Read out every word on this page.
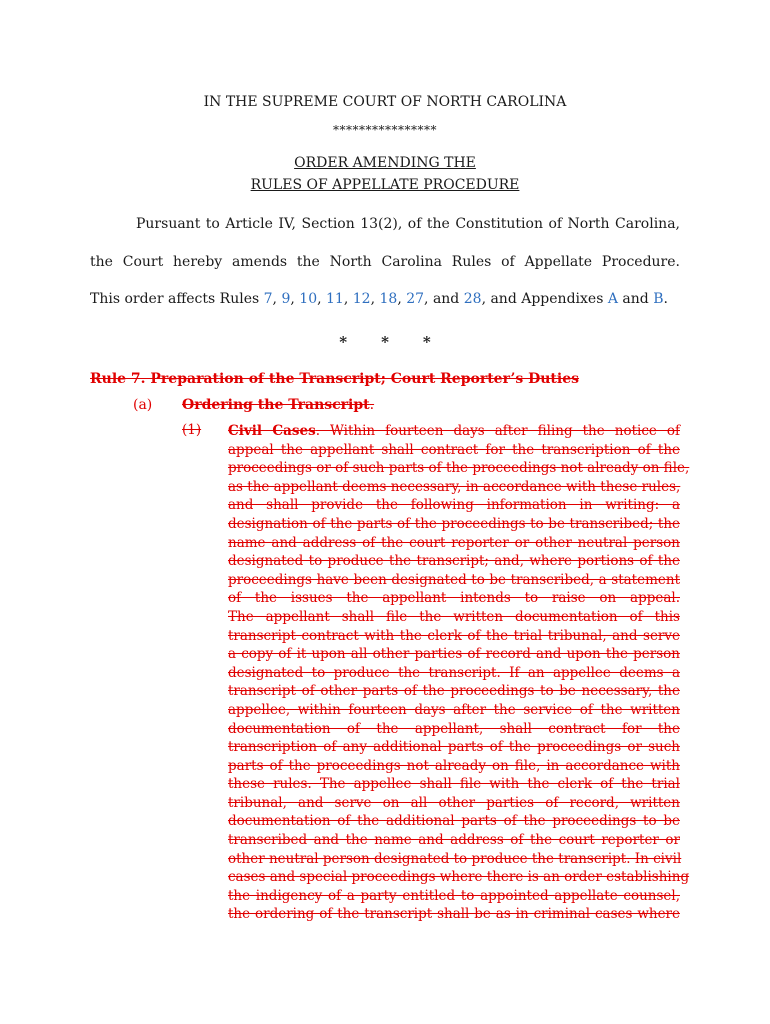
IN THE SUPREME COURT OF NORTH CAROLINA
****************
ORDER AMENDING THE
RULES OF APPELLATE PROCEDURE
Pursuant to Article IV, Section 13(2), of the Constitution of North Carolina,
the Court hereby amends the North Carolina Rules of Appellate Procedure.
This order affects Rules 7, 9, 10, 11, 12, 18, 27, and 28, and Appendixes A and B.
* * *
Rule 7. Preparation of the Transcript; Court Reporter’s Duties
(a) Ordering the Transcript.
(1) Civil Cases. Within fourteen days after filing the notice of
appeal the appellant shall contract for the transcription of the
proceedings or of such parts of the proceedings not already on file,
as the appellant deems necessary, in accordance with these rules,
and shall provide the following information in writing: a
designation of the parts of the proceedings to be transcribed; the
name and address of the court reporter or other neutral person
designated to produce the transcript; and, where portions of the
proceedings have been designated to be transcribed, a statement
of the issues the appellant intends to raise on appeal.
The appellant shall file the written documentation of this
transcript contract with the clerk of the trial tribunal, and serve
a copy of it upon all other parties of record and upon the person
designated to produce the transcript. If an appellee deems a
transcript of other parts of the proceedings to be necessary, the
appellee, within fourteen days after the service of the written
documentation of the appellant, shall contract for the
transcription of any additional parts of the proceedings or such
parts of the proceedings not already on file, in accordance with
these rules. The appellee shall file with the clerk of the trial
tribunal, and serve on all other parties of record, written
documentation of the additional parts of the proceedings to be
transcribed and the name and address of the court reporter or
other neutral person designated to produce the transcript. In civil
cases and special proceedings where there is an order establishing
the indigency of a party entitled to appointed appellate counsel,
the ordering of the transcript shall be as in criminal cases where
